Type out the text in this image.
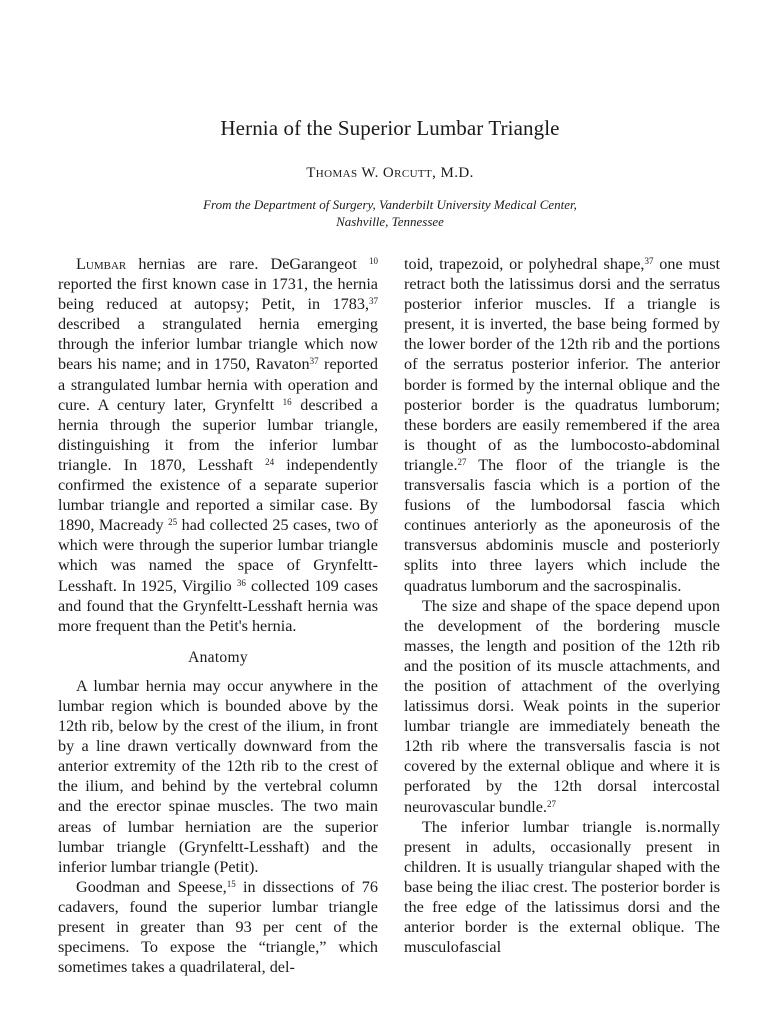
Hernia of the Superior Lumbar Triangle
Thomas W. Orcutt, M.D.
From the Department of Surgery, Vanderbilt University Medical Center,
Nashville, Tennessee

Lumbar hernias are rare. DeGarangeot $^{10}$ reported the first known case in 1731, the hernia being reduced at autopsy; Petit, in 1783,37 described a strangulated hernia emerging through the inferior lumbar triangle which now bears his name; and in 1750, Ravaton$^{37}$ reported a strangulated lumbar hernia with operation and cure. A century later, Grynfeltt $^{16}$ described a hernia through the superior lumbar triangle, distinguishing it from the inferior lumbar triangle. In 1870, Lesshaft $^{24}$ independently confirmed the existence of a separate superior lumbar triangle and reported a similar case. By 1890, Macready $^{25}$ had collected 25 cases, two of which were through the superior lumbar triangle which was named the space of Grynfeltt-Lesshaft. In 1925, Virgilio $^{36}$ collected 109 cases and found that the Grynfeltt-Lesshaft hernia was more frequent than the Petit's hernia.

Anatomy

A lumbar hernia may occur anywhere in the lumbar region which is bounded above by the 12th rib, below by the crest of the ilium, in front by a line drawn vertically downward from the anterior extremity of the 12th rib to the crest of the ilium, and behind by the vertebral column and the erector spinae muscles. The two main areas of lumbar herniation are the superior lumbar triangle (Grynfeltt-Lesshaft) and the inferior lumbar triangle (Petit).

Goodman and Speese,$^{15}$ in dissections of 76 cadavers, found the superior lumbar triangle present in greater than 93 per cent of the specimens. To expose the “triangle,” which sometimes takes a quadrilateral, del-

toid, trapezoid, or polyhedral shape,$^{37}$ one must retract both the latissimus dorsi and the serratus posterior inferior muscles. If a triangle is present, it is inverted, the base being formed by the lower border of the 12th rib and the portions of the serratus posterior inferior. The anterior border is formed by the internal oblique and the posterior border is the quadratus lumborum; these borders are easily remembered if the area is thought of as the lumbocosto-abdominal triangle.$^{27}$ The floor of the triangle is the transversalis fascia which is a portion of the fusions of the lumbodorsal fascia which continues anteriorly as the aponeurosis of the transversus abdominis muscle and posteriorly splits into three layers which include the quadratus lumborum and the sacrospinalis.

The size and shape of the space depend upon the development of the bordering muscle masses, the length and position of the 12th rib and the position of its muscle attachments, and the position of attachment of the overlying latissimus dorsi. Weak points in the superior lumbar triangle are immediately beneath the 12th rib where the transversalis fascia is not covered by the external oblique and where it is perforated by the 12th dorsal intercostal neurovascular bundle.$^{27}$

The inferior lumbar triangle is․normally present in adults, occasionally present in children. It is usually triangular shaped with the base being the iliac crest. The posterior border is the free edge of the latissimus dorsi and the anterior border is the external oblique. The musculofascial
